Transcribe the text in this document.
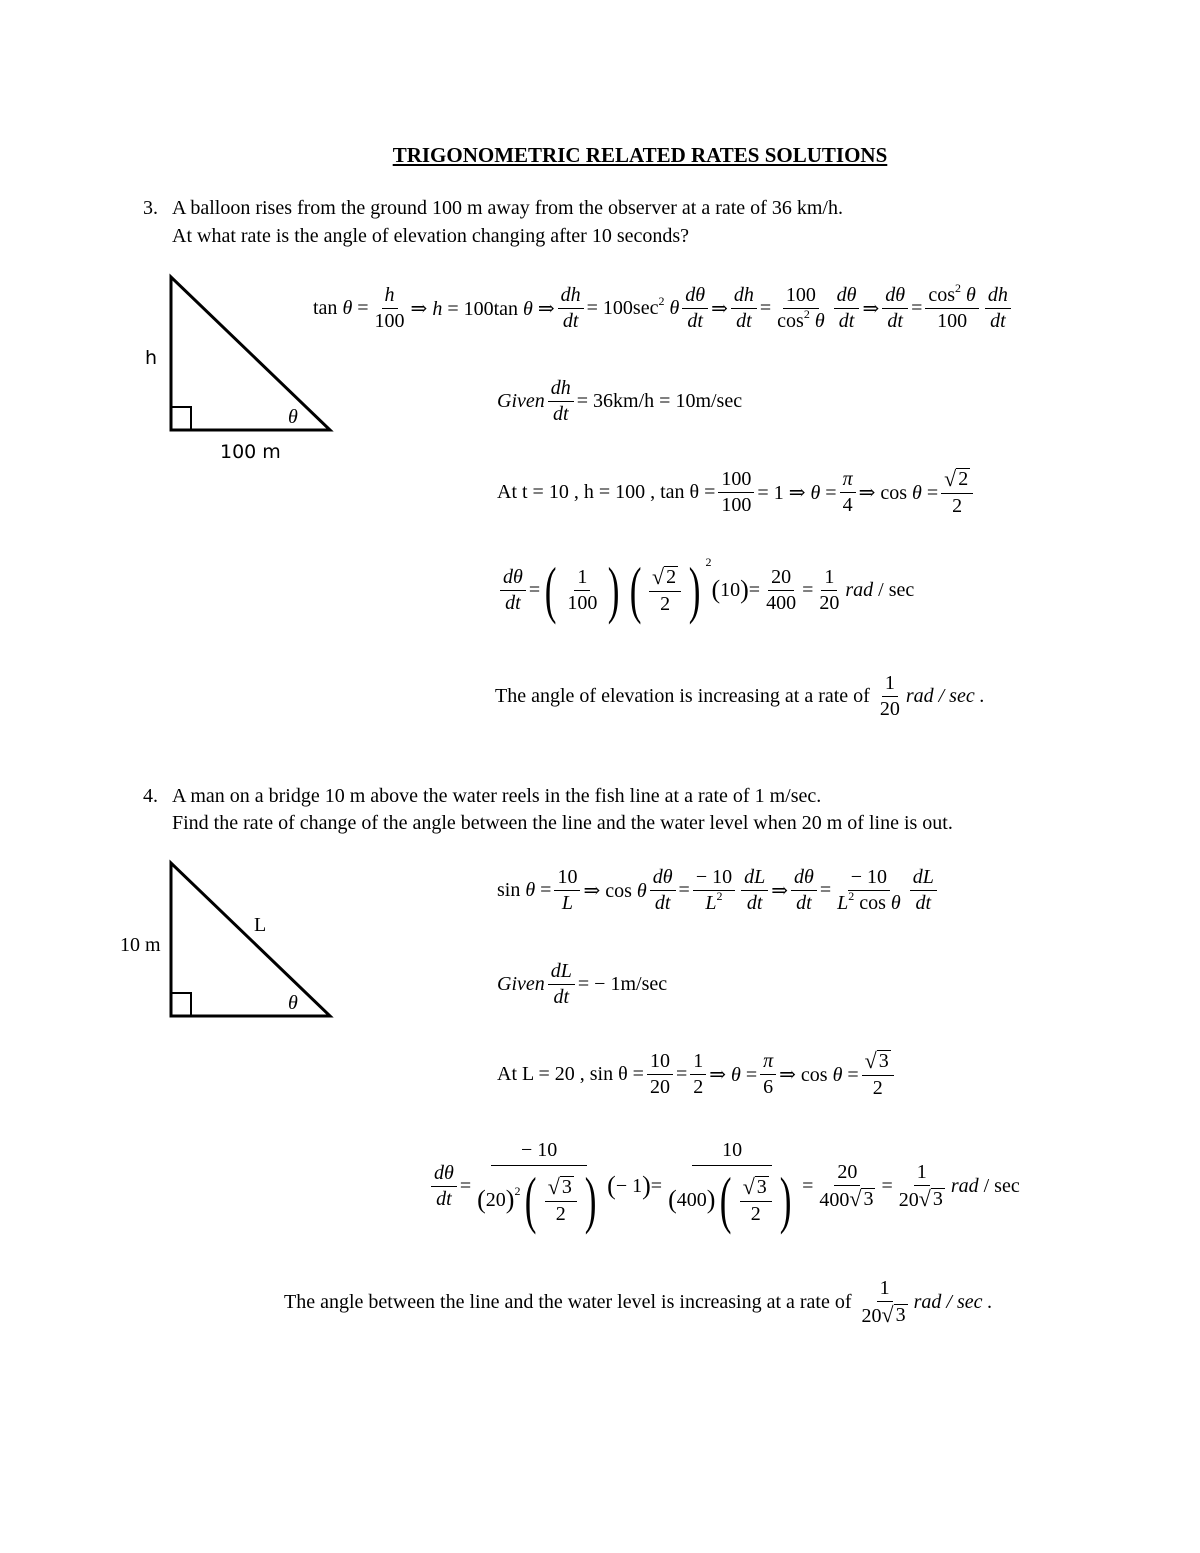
TRIGONOMETRIC RELATED RATES SOLUTIONS
3. A balloon rises from the ground 100 m away from the observer at a rate of 36 km/h.
At what rate is the angle of elevation changing after 10 seconds?
h
100 m
θ
$\tan \theta = \frac{h}{100}$ ⇒ h = 100tan θ ⇒ $\frac{dh}{dt} = 100\sec^2$ θ $\frac{d\theta}{dt}$ ⇒ $\frac{dh}{dt} = \frac{100}{\cos^2 \theta} \frac{d\theta}{dt}$ ⇒ $\frac{d\theta}{dt} = \frac{\cos^2 \theta}{100} \frac{dh}{dt}$
Given $\frac{dh}{dt} = 36km/h = 10m/\sec$
At t = 10 , h = 100 , $\tan \theta = \frac{100}{100} = 1$ ⇒ $\theta = \frac{\pi}{4}$ ⇒ $\cos \theta = \frac{√ 2}{2}$
$\frac{d\theta}{dt}$ = ( $\frac{1}{100}$ ) ( $\frac{√ 2}{2}$ ) 2
( 10 ) = $\frac{20}{400} = \frac{1}{20}$ rad / sec
The angle of elevation is increasing at a rate of $\frac{1}{20}$ rad / sec .
4. A man on a bridge 10 m above the water reels in the fish line at a rate of 1 m/sec.
Find the rate of change of the angle between the line and the water level when 20 m of line is out.
10 m
L
θ
$\sin \theta = \frac{10}{L}$ ⇒ cos θ $\frac{d\theta}{dt} = \frac{- 10}{L^2} \frac{dL}{dt}$ ⇒ $\frac{d\theta}{dt} = \frac{- 10}{L^2 \cos \theta} \frac{dL}{dt}$
Given $\frac{dL}{dt}$ = − 1m/sec
At L = 20 , $\sin \theta = \frac{10}{20} = \frac{1}{2}$ ⇒ $\theta = \frac{\pi}{6}$ ⇒ $\cos \theta = \frac{√ 3}{2}$
$\frac{d\theta}{dt} = \frac{- 10}{( 20 ) 2 ( \frac{√ 3}{2} )}$ ( − 1 ) = $\frac{10}{( 400 ) ( \frac{√ 3}{2} )} = \frac{20}{400 √ 3} = \frac{1}{20 √ 3}$ rad / sec
The angle between the line and the water level is increasing at a rate of $\frac{1}{20 √ 3}$ rad / sec .
